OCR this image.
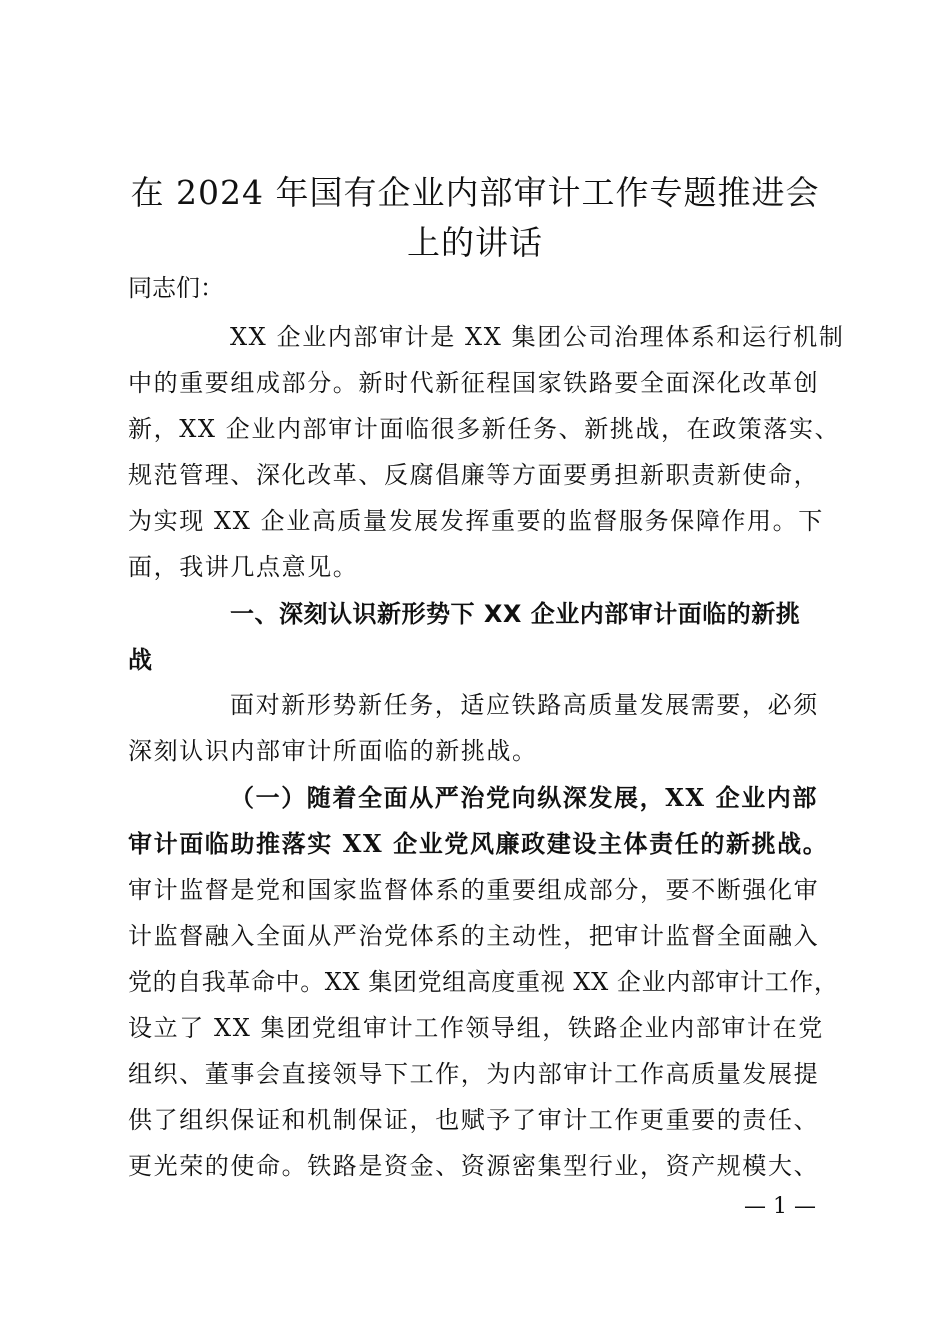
在 2024 年国有企业内部审计工作专题推进会
上的讲话

同志们：

XX 企业内部审计是 XX 集团公司治理体系和运行机制

中的重要组成部分。新时代新征程国家铁路要全面深化改革创

新，XX 企业内部审计面临很多新任务、新挑战，在政策落实、

规范管理、深化改革、反腐倡廉等方面要勇担新职责新使命，

为实现 XX 企业高质量发展发挥重要的监督服务保障作用。下

面，我讲几点意见。

一、深刻认识新形势下 XX 企业内部审计面临的新挑

战

面对新形势新任务，适应铁路高质量发展需要，必须

深刻认识内部审计所面临的新挑战。

（一）随着全面从严治党向纵深发展，XX 企业内部

审计面临助推落实 XX 企业党风廉政建设主体责任的新挑战。

审计监督是党和国家监督体系的重要组成部分，要不断强化审

计监督融入全面从严治党体系的主动性，把审计监督全面融入

党的自我革命中。XX 集团党组高度重视 XX 企业内部审计工作，

设立了 XX 集团党组审计工作领导组，铁路企业内部审计在党

组织、董事会直接领导下工作，为内部审计工作高质量发展提

供了组织保证和机制保证，也赋予了审计工作更重要的责任、

更光荣的使命。铁路是资金、资源密集型行业，资产规模大、

— 1 —
